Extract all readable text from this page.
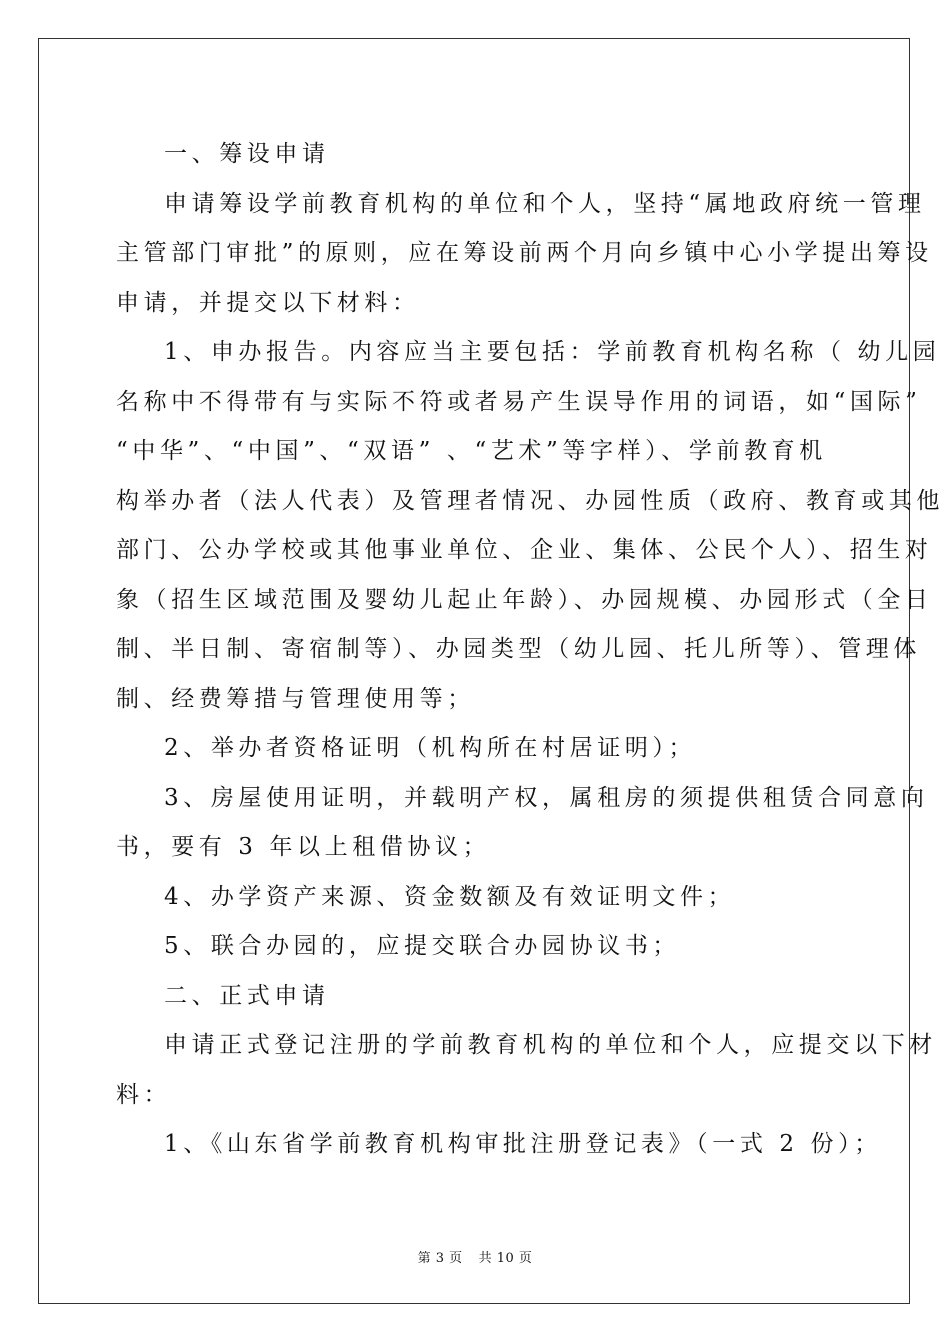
一、筹设申请
申请筹设学前教育机构的单位和个人，坚持“属地政府统一管理
主管部门审批”的原则，应在筹设前两个月向乡镇中心小学提出筹设
申请，并提交以下材料：
1、申办报告。内容应当主要包括：学前教育机构名称（ 幼儿园
名称中不得带有与实际不符或者易产生误导作用的词语，如“国际”
“中华”、“中国”、“双语” 、“艺术”等字样）、学前教育机
构举办者（法人代表）及管理者情况、办园性质（政府、教育或其他
部门、公办学校或其他事业单位、企业、集体、公民个人）、招生对
象（招生区域范围及婴幼儿起止年龄）、办园规模、办园形式（全日
制、半日制、寄宿制等）、办园类型（幼儿园、托儿所等）、管理体
制、经费筹措与管理使用等；
2、举办者资格证明（机构所在村居证明）；
3、房屋使用证明，并载明产权，属租房的须提供租赁合同意向
书，要有 3 年以上租借协议；
4、办学资产来源、资金数额及有效证明文件；
5、联合办园的，应提交联合办园协议书；
二、正式申请
申请正式登记注册的学前教育机构的单位和个人，应提交以下材
料：
1、《山东省学前教育机构审批注册登记表》（一式 2 份）；
第 3 页 共 10 页
